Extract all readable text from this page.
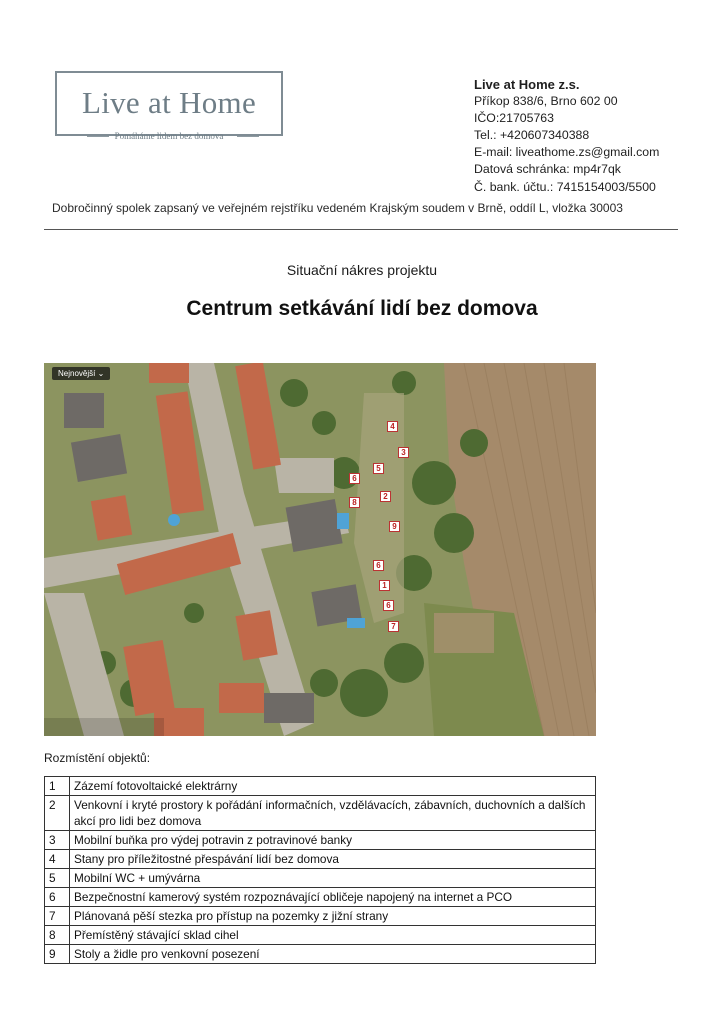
Live at Home
Pomáháme lidem bez domova
Live at Home z.s.
Příkop 838/6, Brno 602 00
IČO:21705763
Tel.: +420607340388
E-mail: liveathome.zs@gmail.com
Datová schránka: mp4r7qk
Č. bank. účtu.: 7415154003/5500
Dobročinný spolek zapsaný ve veřejném rejstříku vedeném Krajským soudem v Brně, oddíl L, vložka 30003
Situační nákres projektu
Centrum setkávání lidí bez domova
Nejnovější ⌄
4
3
5
6
2
8
9
6
1
6
7
Rozmístění objektů:
1	Zázemí fotovoltaické elektrárny
2	Venkovní i kryté prostory k pořádání informačních, vzdělávacích, zábavních, duchovních a dalších akcí pro lidi bez domova
3	Mobilní buňka pro výdej potravin z potravinové banky
4	Stany pro příležitostné přespávání lidí bez domova
5	Mobilní WC + umývárna
6	Bezpečnostní kamerový systém rozpoznávající obličeje napojený na internet a PCO
7	Plánovaná pěší stezka pro přístup na pozemky z jižní strany
8	Přemístěný stávající sklad cihel
9	Stoly a židle pro venkovní posezení
